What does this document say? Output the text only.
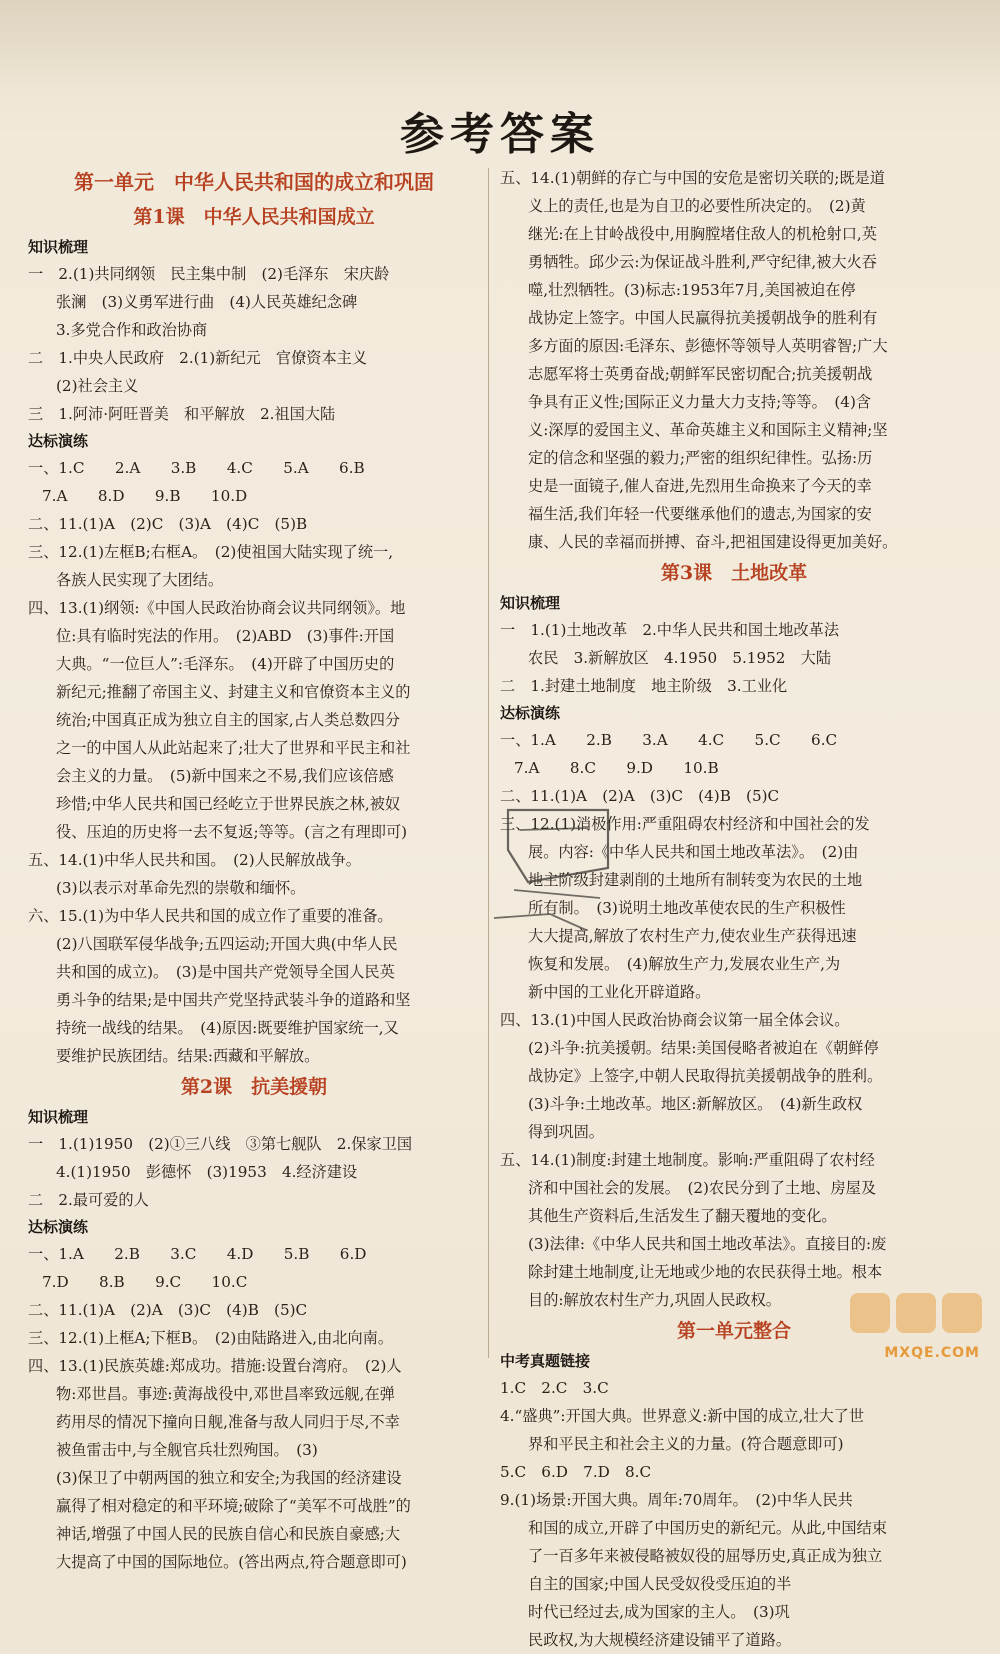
参考答案
第一单元　中华人民共和国的成立和巩固
第1课　中华人民共和国成立
知识梳理
一　2.(1)共同纲领　民主集中制　(2)毛泽东　宋庆龄
张澜　(3)义勇军进行曲　(4)人民英雄纪念碑
3.多党合作和政治协商
二　1.中央人民政府　2.(1)新纪元　官僚资本主义
(2)社会主义
三　1.阿沛·阿旺晋美　和平解放　2.祖国大陆
达标演练
一、1.C　　2.A　　3.B　　4.C　　5.A　　6.B
7.A　　8.D　　9.B　　10.D
二、11.(1)A　(2)C　(3)A　(4)C　(5)B
三、12.(1)左框B;右框A。　(2)使祖国大陆实现了统一,
各族人民实现了大团结。
四、13.(1)纲领:《中国人民政治协商会议共同纲领》。地
位:具有临时宪法的作用。　(2)ABD　(3)事件:开国
大典。“一位巨人”:毛泽东。　(4)开辟了中国历史的
新纪元;推翻了帝国主义、封建主义和官僚资本主义的
统治;中国真正成为独立自主的国家,占人类总数四分
之一的中国人从此站起来了;壮大了世界和平民主和社
会主义的力量。　(5)新中国来之不易,我们应该倍感
珍惜;中华人民共和国已经屹立于世界民族之林,被奴
役、压迫的历史将一去不复返;等等。(言之有理即可)
五、14.(1)中华人民共和国。　(2)人民解放战争。
(3)以表示对革命先烈的崇敬和缅怀。
六、15.(1)为中华人民共和国的成立作了重要的准备。
(2)八国联军侵华战争;五四运动;开国大典(中华人民
共和国的成立)。　(3)是中国共产党领导全国人民英
勇斗争的结果;是中国共产党坚持武装斗争的道路和坚
持统一战线的结果。　(4)原因:既要维护国家统一,又
要维护民族团结。结果:西藏和平解放。
第2课　抗美援朝
知识梳理
一　1.(1)1950　(2)①三八线　③第七舰队　2.保家卫国
4.(1)1950　彭德怀　(3)1953　4.经济建设
二　2.最可爱的人
达标演练
一、1.A　　2.B　　3.C　　4.D　　5.B　　6.D
7.D　　8.B　　9.C　　10.C
二、11.(1)A　(2)A　(3)C　(4)B　(5)C
三、12.(1)上框A;下框B。　(2)由陆路进入,由北向南。
四、13.(1)民族英雄:郑成功。措施:设置台湾府。　(2)人
物:邓世昌。事迹:黄海战役中,邓世昌率致远舰,在弹
药用尽的情况下撞向日舰,准备与敌人同归于尽,不幸
被鱼雷击中,与全舰官兵壮烈殉国。　(3)
(3)保卫了中朝两国的独立和安全;为我国的经济建设
赢得了相对稳定的和平环境;破除了“美军不可战胜”的
神话,增强了中国人民的民族自信心和民族自豪感;大
大提高了中国的国际地位。(答出两点,符合题意即可)
五、14.(1)朝鲜的存亡与中国的安危是密切关联的;既是道
义上的责任,也是为自卫的必要性所决定的。　(2)黄
继光:在上甘岭战役中,用胸膛堵住敌人的机枪射口,英
勇牺牲。邱少云:为保证战斗胜利,严守纪律,被大火吞
噬,壮烈牺牲。(3)标志:1953年7月,美国被迫在停
战协定上签字。中国人民赢得抗美援朝战争的胜利有
多方面的原因:毛泽东、彭德怀等领导人英明睿智;广大
志愿军将士英勇奋战;朝鲜军民密切配合;抗美援朝战
争具有正义性;国际正义力量大力支持;等等。　(4)含
义:深厚的爱国主义、革命英雄主义和国际主义精神;坚
定的信念和坚强的毅力;严密的组织纪律性。弘扬:历
史是一面镜子,催人奋进,先烈用生命换来了今天的幸
福生活,我们年轻一代要继承他们的遗志,为国家的安
康、人民的幸福而拼搏、奋斗,把祖国建设得更加美好。
第3课　土地改革
知识梳理
一　1.(1)土地改革　2.中华人民共和国土地改革法
农民　3.新解放区　4.1950　5.1952　大陆
二　1.封建土地制度　地主阶级　3.工业化
达标演练
一、1.A　　2.B　　3.A　　4.C　　5.C　　6.C
7.A　　8.C　　9.D　　10.B
二、11.(1)A　(2)A　(3)C　(4)B　(5)C
三、12.(1)消极作用:严重阻碍农村经济和中国社会的发
展。内容:《中华人民共和国土地改革法》。　(2)由
地主阶级封建剥削的土地所有制转变为农民的土地
所有制。　(3)说明土地改革使农民的生产积极性
大大提高,解放了农村生产力,使农业生产获得迅速
恢复和发展。　(4)解放生产力,发展农业生产,为
新中国的工业化开辟道路。
四、13.(1)中国人民政治协商会议第一届全体会议。
(2)斗争:抗美援朝。结果:美国侵略者被迫在《朝鲜停
战协定》上签字,中朝人民取得抗美援朝战争的胜利。
(3)斗争:土地改革。地区:新解放区。　(4)新生政权
得到巩固。
五、14.(1)制度:封建土地制度。影响:严重阻碍了农村经
济和中国社会的发展。　(2)农民分到了土地、房屋及
其他生产资料后,生活发生了翻天覆地的变化。
(3)法律:《中华人民共和国土地改革法》。直接目的:废
除封建土地制度,让无地或少地的农民获得土地。根本
目的:解放农村生产力,巩固人民政权。
第一单元整合
中考真题链接
1.C　2.C　3.C
4.“盛典”:开国大典。世界意义:新中国的成立,壮大了世
界和平民主和社会主义的力量。(符合题意即可)
5.C　6.D　7.D　8.C
9.(1)场景:开国大典。周年:70周年。　(2)中华人民共
和国的成立,开辟了中国历史的新纪元。从此,中国结束
了一百多年来被侵略被奴役的屈辱历史,真正成为独立
自主的国家;中国人民受奴役受压迫的半
时代已经过去,成为国家的主人。　(3)巩
民政权,为大规模经济建设铺平了道路。
MXQE.COM
